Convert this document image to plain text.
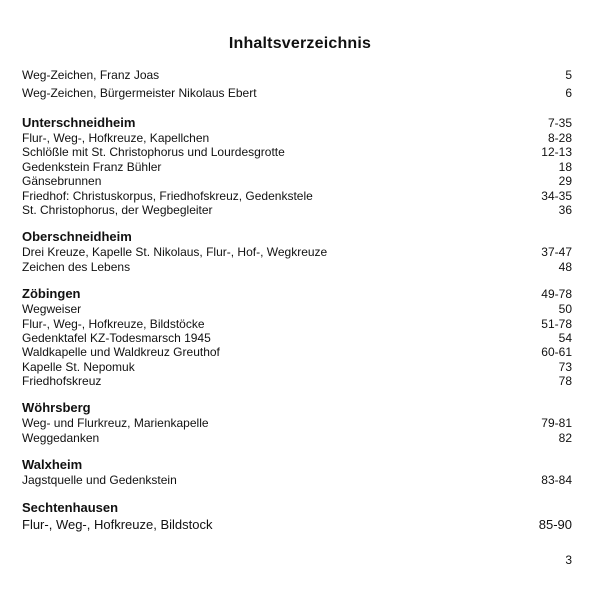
Inhaltsverzeichnis
Weg-Zeichen, Franz Joas	5
Weg-Zeichen, Bürgermeister Nikolaus Ebert	6
Unterschneidheim	7-35
Flur-, Weg-, Hofkreuze, Kapellchen	8-28
Schlößle mit St. Christophorus und Lourdesgrotte	12-13
Gedenkstein Franz Bühler	18
Gänsebrunnen	29
Friedhof: Christuskorpus, Friedhofskreuz, Gedenkstele	34-35
St. Christophorus, der Wegbegleiter	36
Oberschneidheim
Drei Kreuze, Kapelle St. Nikolaus, Flur-, Hof-, Wegkreuze	37-47
Zeichen des Lebens	48
Zöbingen	49-78
Wegweiser	50
Flur-, Weg-, Hofkreuze, Bildstöcke	51-78
Gedenktafel KZ-Todesmarsch 1945	54
Waldkapelle und Waldkreuz Greuthof	60-61
Kapelle St. Nepomuk	73
Friedhofskreuz	78
Wöhrsberg
Weg- und Flurkreuz, Marienkapelle	79-81
Weggedanken	82
Walxheim
Jagstquelle und Gedenkstein	83-84
Sechtenhausen
Flur-, Weg-, Hofkreuze, Bildstock	85-90
3
